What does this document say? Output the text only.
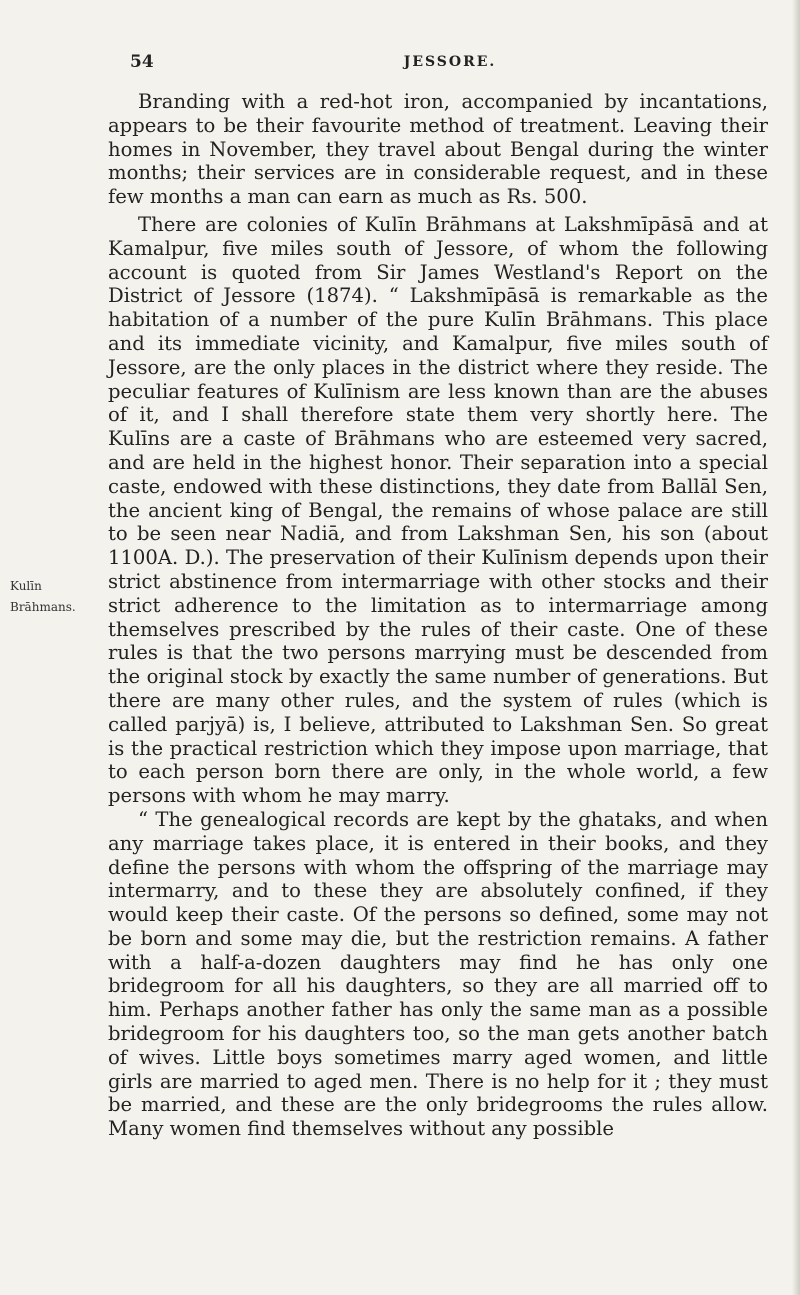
54	JESSORE.
Kulīn
Brāhmans.

Branding with a red-hot iron, accompanied by incantations, appears to be their favourite method of treatment. Leaving their homes in November, they travel about Bengal during the winter months; their services are in considerable request, and in these few months a man can earn as much as Rs. 500.

There are colonies of Kulīn Brāhmans at Lakshmīpāsā and at Kamalpur, five miles south of Jessore, of whom the following account is quoted from Sir James Westland's Report on the District of Jessore (1874). “ Lakshmīpāsā is remarkable as the habitation of a number of the pure Kulīn Brāhmans. This place and its immediate vicinity, and Kamalpur, five miles south of Jessore, are the only places in the district where they reside. The peculiar features of Kulīnism are less known than are the abuses of it, and I shall therefore state them very shortly here. The Kulīns are a caste of Brāhmans who are esteemed very sacred, and are held in the highest honor. Their separation into a special caste, endowed with these distinctions, they date from Ballāl Sen, the ancient king of Bengal, the remains of whose palace are still to be seen near Nadiā, and from Lakshman Sen, his son (about 1100A. D.). The preservation of their Kulīnism depends upon their strict abstinence from intermarriage with other stocks and their strict adherence to the limitation as to intermarriage among themselves prescribed by the rules of their caste. One of these rules is that the two persons marrying must be descended from the original stock by exactly the same number of generations. But there are many other rules, and the system of rules (which is called parjyā) is, I believe, attributed to Lakshman Sen. So great is the practical restriction which they impose upon marriage, that to each person born there are only, in the whole world, a few persons with whom he may marry.

“ The genealogical records are kept by the ghataks, and when any marriage takes place, it is entered in their books, and they define the persons with whom the offspring of the marriage may intermarry, and to these they are absolutely confined, if they would keep their caste. Of the persons so defined, some may not be born and some may die, but the restriction remains. A father with a half-a-dozen daughters may find he has only one bridegroom for all his daughters, so they are all married off to him. Perhaps another father has only the same man as a possible bridegroom for his daughters too, so the man gets another batch of wives. Little boys sometimes marry aged women, and little girls are married to aged men. There is no help for it ; they must be married, and these are the only bridegrooms the rules allow. Many women find themselves without any possible
